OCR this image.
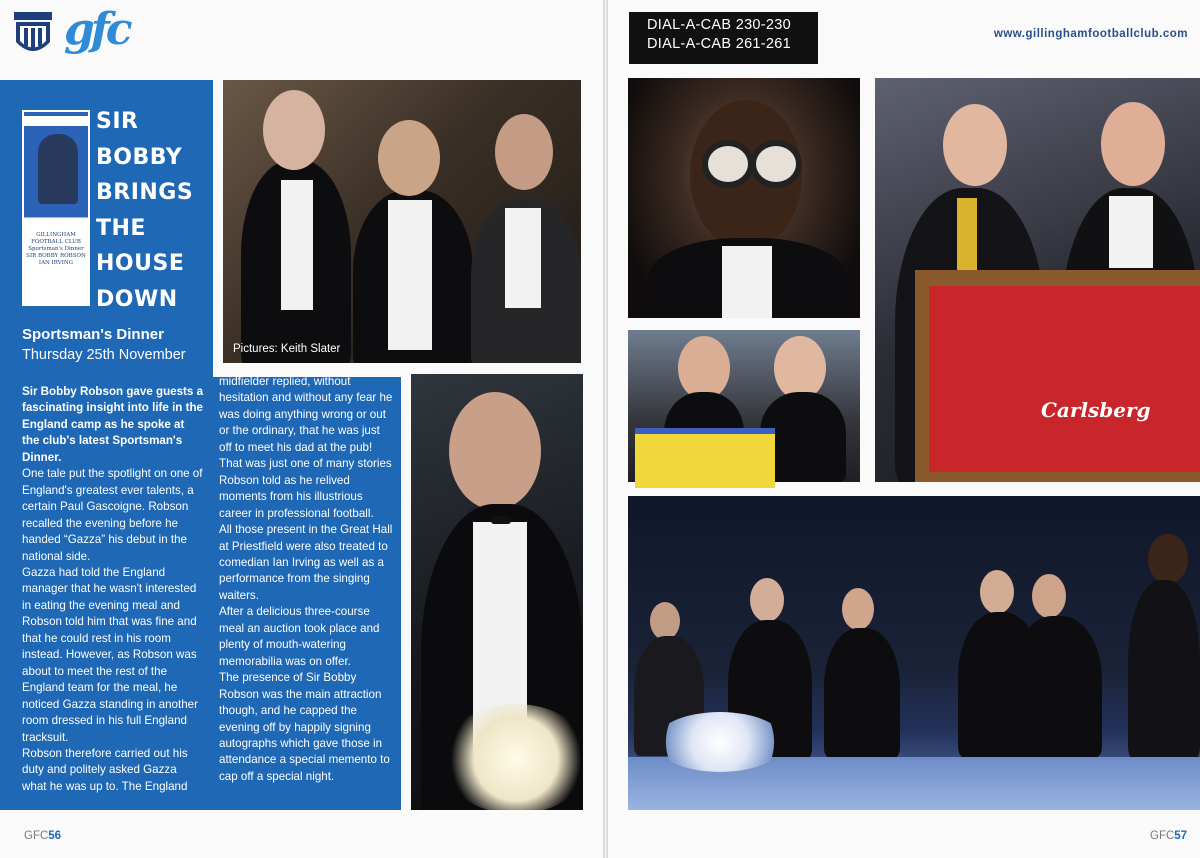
gfc
GILLINGHAM
FOOTBALL CLUB
Sportsman's Dinner
SIR BOBBY ROBSON
IAN IRVING
SIR
BOBBY
BRINGS
THE
HOUSE
DOWN
Sportsman's Dinner
Thursday 25th November

Sir Bobby Robson gave guests a fascinating insight into life in the England camp as he spoke at the club's latest Sportsman's Dinner.

One tale put the spotlight on one of England's greatest ever talents, a certain Paul Gascoigne. Robson recalled the evening before he handed “Gazza” his debut in the national side.

Gazza had told the England manager that he wasn't interested in eating the evening meal and Robson told him that was fine and that he could rest in his room instead. However, as Robson was about to meet the rest of the England team for the meal, he noticed Gazza standing in another room dressed in his full England tracksuit.

Robson therefore carried out his duty and politely asked Gazza what he was up to. The England

midfielder replied, without hesitation and without any fear he was doing anything wrong or out or the ordinary, that he was just off to meet his dad at the pub!

That was just one of many stories Robson told as he relived moments from his illustrious career in professional football.

All those present in the Great Hall at Priestfield were also treated to comedian Ian Irving as well as a performance from the singing waiters.

After a delicious three-course meal an auction took place and plenty of mouth-watering memorabilia was on offer.

The presence of Sir Bobby Robson was the main attraction though, and he capped the evening off by happily signing autographs which gave those in attendance a special memento to cap off a special night.

Pictures: Keith Slater
GFC56
DIAL-A-CAB 230-230
DIAL-A-CAB 261-261
www.gillinghamfootballclub.com
Carlsberg
GFC57
